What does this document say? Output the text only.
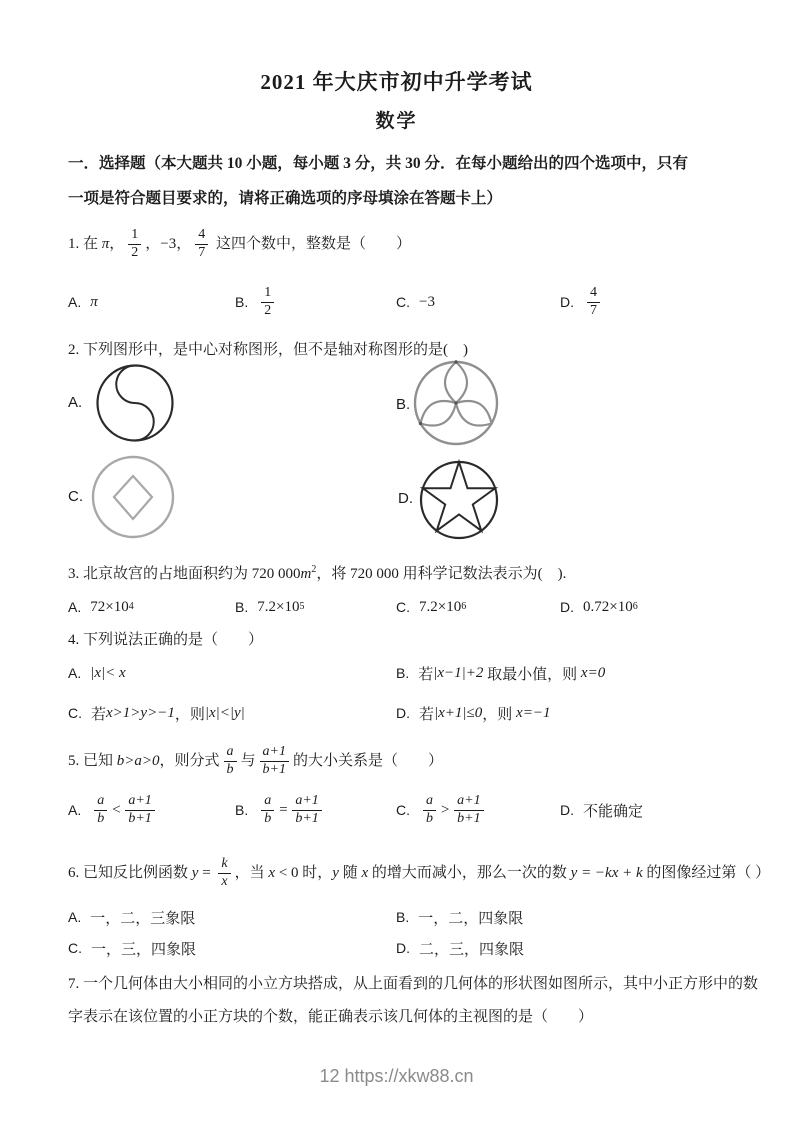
2021 年大庆市初中升学考试
数学
一．选择题（本大题共 10 小题，每小题 3 分，共 30 分．在每小题给出的四个选项中，只有
一项是符合题目要求的，请将正确选项的序母填涂在答题卡上）
1. 在 π ， $\frac{1}{2}$ ，−3， $\frac{4}{7}$ 这四个数中，整数是（　　）
A. π	B. $\frac{1}{2}$	C. −3	D. $\frac{4}{7}$
2. 下列图形中，是中心对称图形，但不是轴对称图形的是(　)
A.	B.
C.	D.
3. 北京故宫的占地面积约为 720 $000m^2$，将 720 000 用科学记数法表示为(　).
A. 72×10 4	B. 7.2×10 5	C. 7.2×10 6	D. 0.72×10 6
4. 下列说法正确的是（　　）
A. |x|< x	B. 若 |x−1|+2 取最小值，则 x=0
C. 若 x>1>y>−1 ，则 |x|<|y|	D. 若 |x+1|≤0 ，则 x=−1
5. 已知 b>a>0 ，则分式 $\frac{a}{b}$ 与 $\frac{a+1}{b+1}$ 的大小关系是（　　）
A. $\frac{a}{b} < \frac{a+1}{b+1}$	B. $\frac{a}{b} = \frac{a+1}{b+1}$	C. $\frac{a}{b} > \frac{a+1}{b+1}$	D. 不能确定
6. 已知反比例函数 $y = \frac{k}{x}$ ，当 x < 0 时， y 随 x 的增大而减小，那么一次的数 y = −kx + k 的图像经过第（ ）
A. 一，二，三象限	B. 一，二，四象限
C. 一，三，四象限	D. 二，三，四象限
7. 一个几何体由大小相同的小立方块搭成，从上面看到的几何体的形状图如图所示，其中小正方形中的数
字表示在该位置的小正方块的个数，能正确表示该几何体的主视图的是（　　）
12 https://xkw88.cn
